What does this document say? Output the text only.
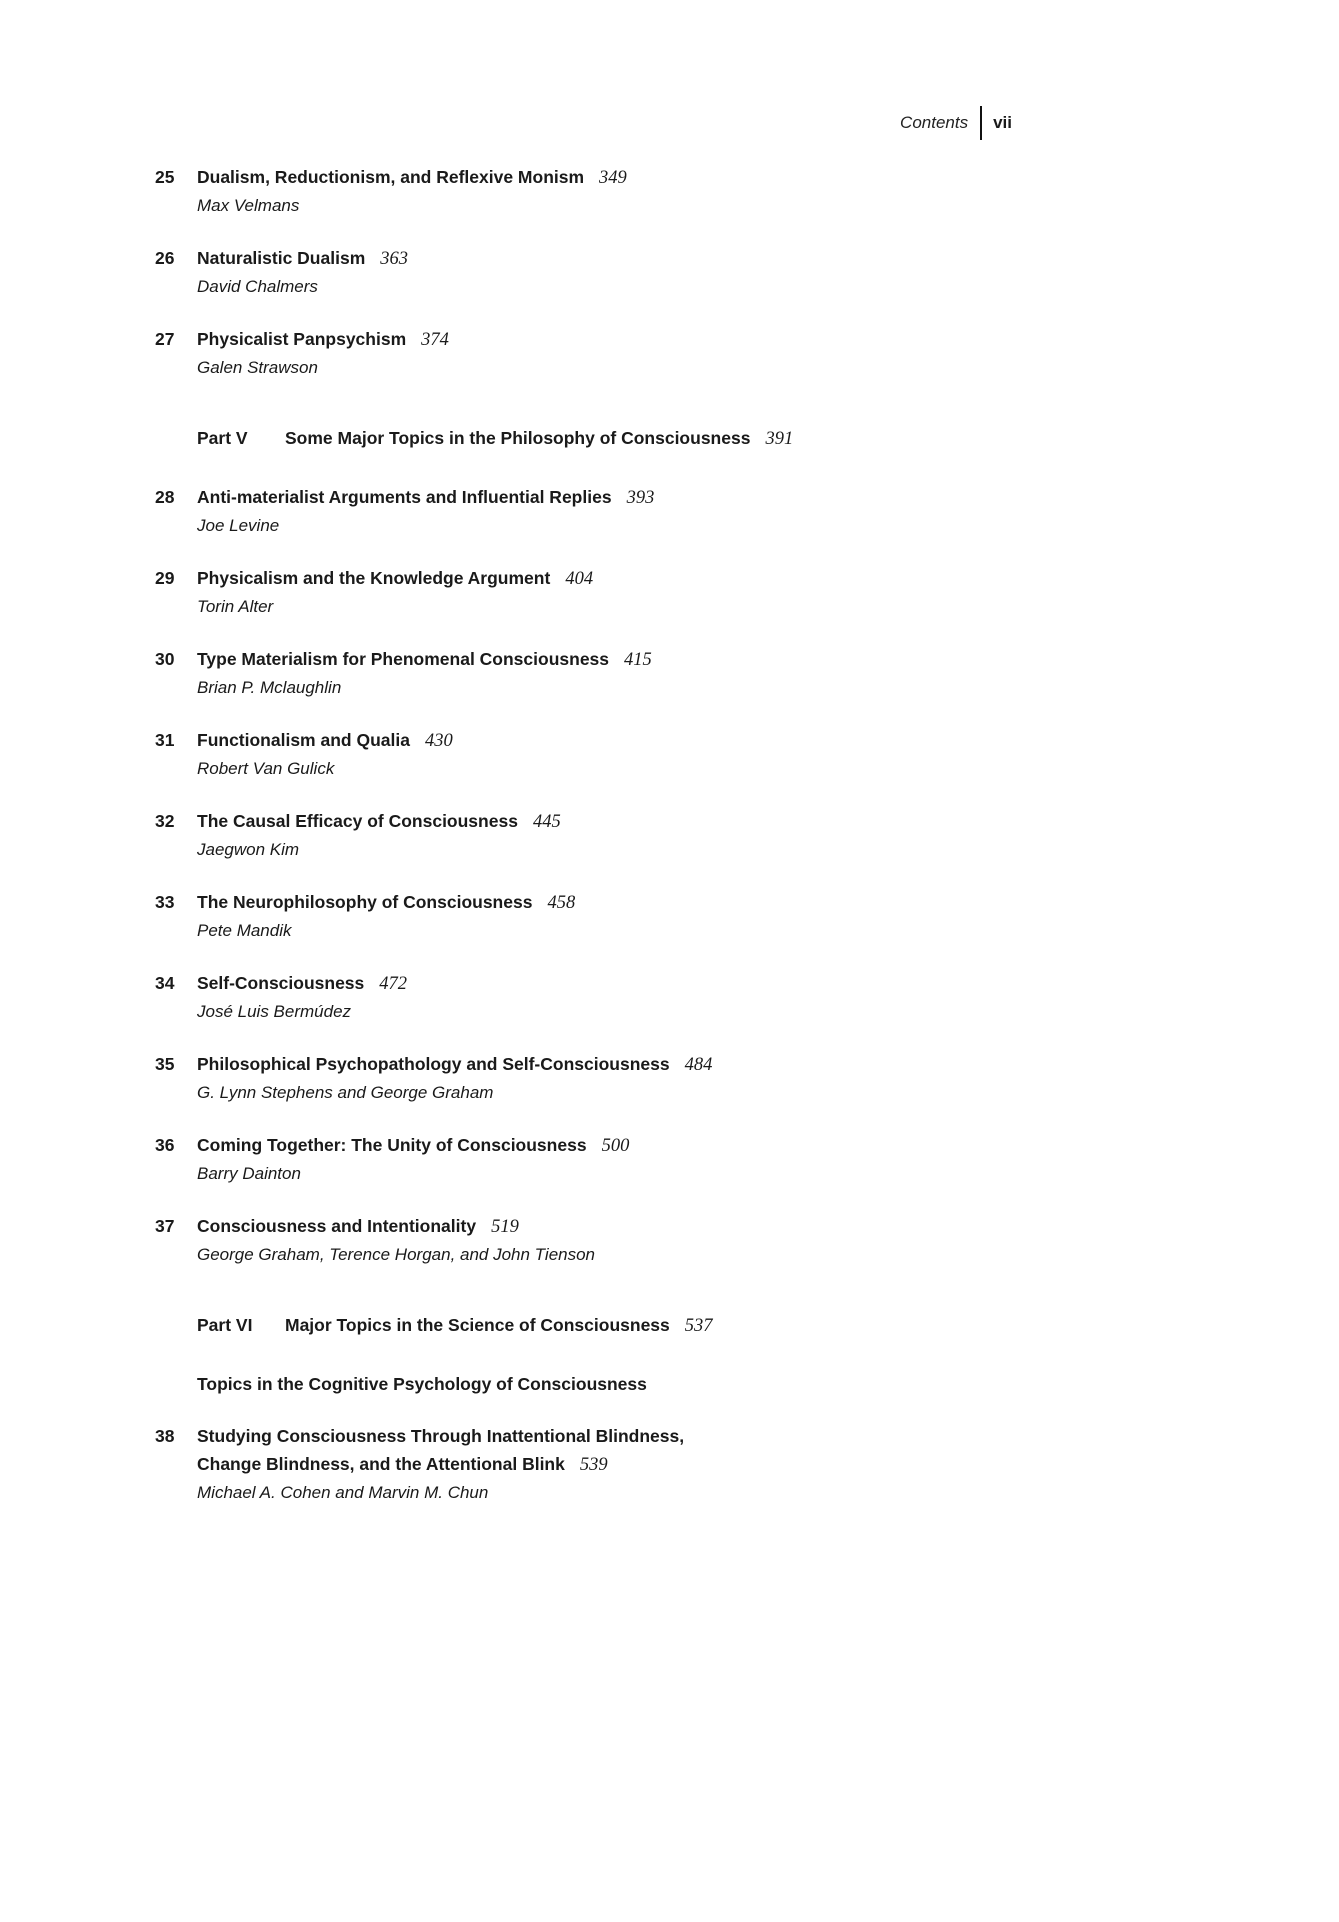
Contents	vii
25	Dualism, Reductionism, and Reflexive Monism 349
Max Velmans
26	Naturalistic Dualism 363
David Chalmers
27	Physicalist Panpsychism 374
Galen Strawson
Part V Some Major Topics in the Philosophy of Consciousness 391
28	Anti-materialist Arguments and Influential Replies 393
Joe Levine
29	Physicalism and the Knowledge Argument 404
Torin Alter
30	Type Materialism for Phenomenal Consciousness 415
Brian P. Mclaughlin
31	Functionalism and Qualia 430
Robert Van Gulick
32	The Causal Efficacy of Consciousness 445
Jaegwon Kim
33	The Neurophilosophy of Consciousness 458
Pete Mandik
34	Self-Consciousness 472
José Luis Bermúdez
35	Philosophical Psychopathology and Self-Consciousness 484
G. Lynn Stephens and George Graham
36	Coming Together: The Unity of Consciousness 500
Barry Dainton
37	Consciousness and Intentionality 519
George Graham, Terence Horgan, and John Tienson
Part VI Major Topics in the Science of Consciousness 537
Topics in the Cognitive Psychology of Consciousness
38	Studying Consciousness Through Inattentional Blindness,
Change Blindness, and the Attentional Blink 539
Michael A. Cohen and Marvin M. Chun
